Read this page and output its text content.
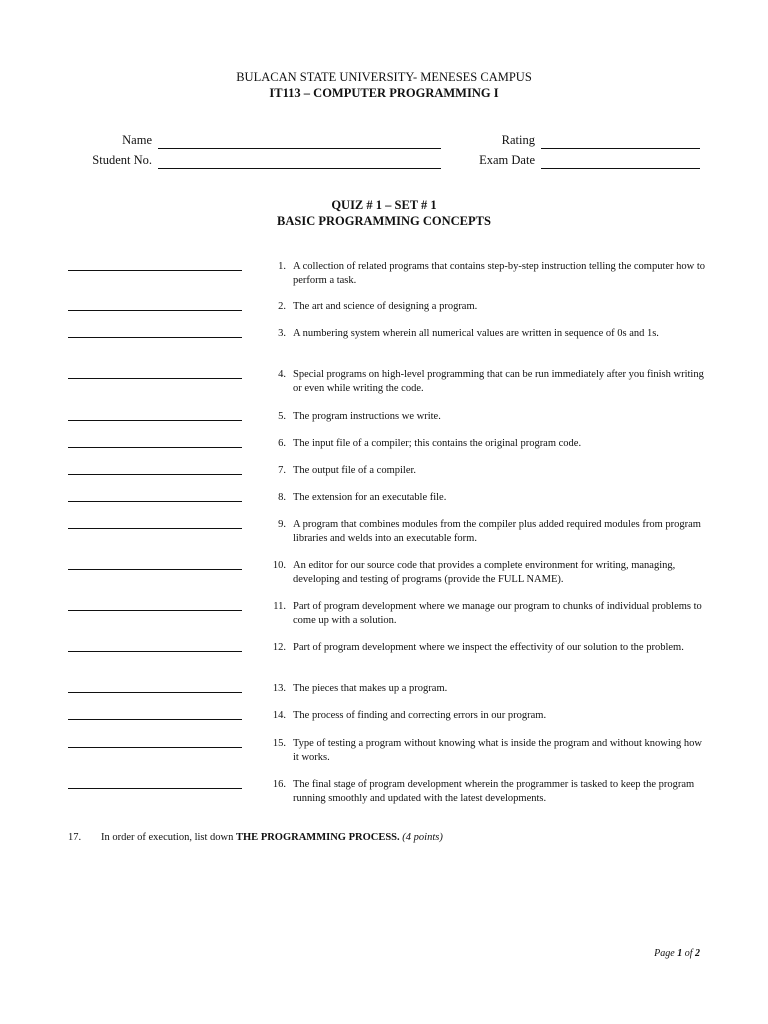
BULACAN STATE UNIVERSITY- MENESES CAMPUS
IT113 – COMPUTER PROGRAMMING I
Name
Student No.
Rating
Exam Date
QUIZ # 1 – SET # 1
BASIC PROGRAMMING CONCEPTS
1. A collection of related programs that contains step-by-step instruction telling the computer how to perform a task.
2. The art and science of designing a program.
3. A numbering system wherein all numerical values are written in sequence of 0s and 1s.
4. Special programs on high-level programming that can be run immediately after you finish writing or even while writing the code.
5. The program instructions we write.
6. The input file of a compiler; this contains the original program code.
7. The output file of a compiler.
8. The extension for an executable file.
9. A program that combines modules from the compiler plus added required modules from program libraries and welds into an executable form.
10. An editor for our source code that provides a complete environment for writing, managing, developing and testing of programs (provide the FULL NAME).
11. Part of program development where we manage our program to chunks of individual problems to come up with a solution.
12. Part of program development where we inspect the effectivity of our solution to the problem.
13. The pieces that makes up a program.
14. The process of finding and correcting errors in our program.
15. Type of testing a program without knowing what is inside the program and without knowing how it works.
16. The final stage of program development wherein the programmer is tasked to keep the program running smoothly and updated with the latest developments.
17. In order of execution, list down THE PROGRAMMING PROCESS. (4 points)
Page 1 of 2
